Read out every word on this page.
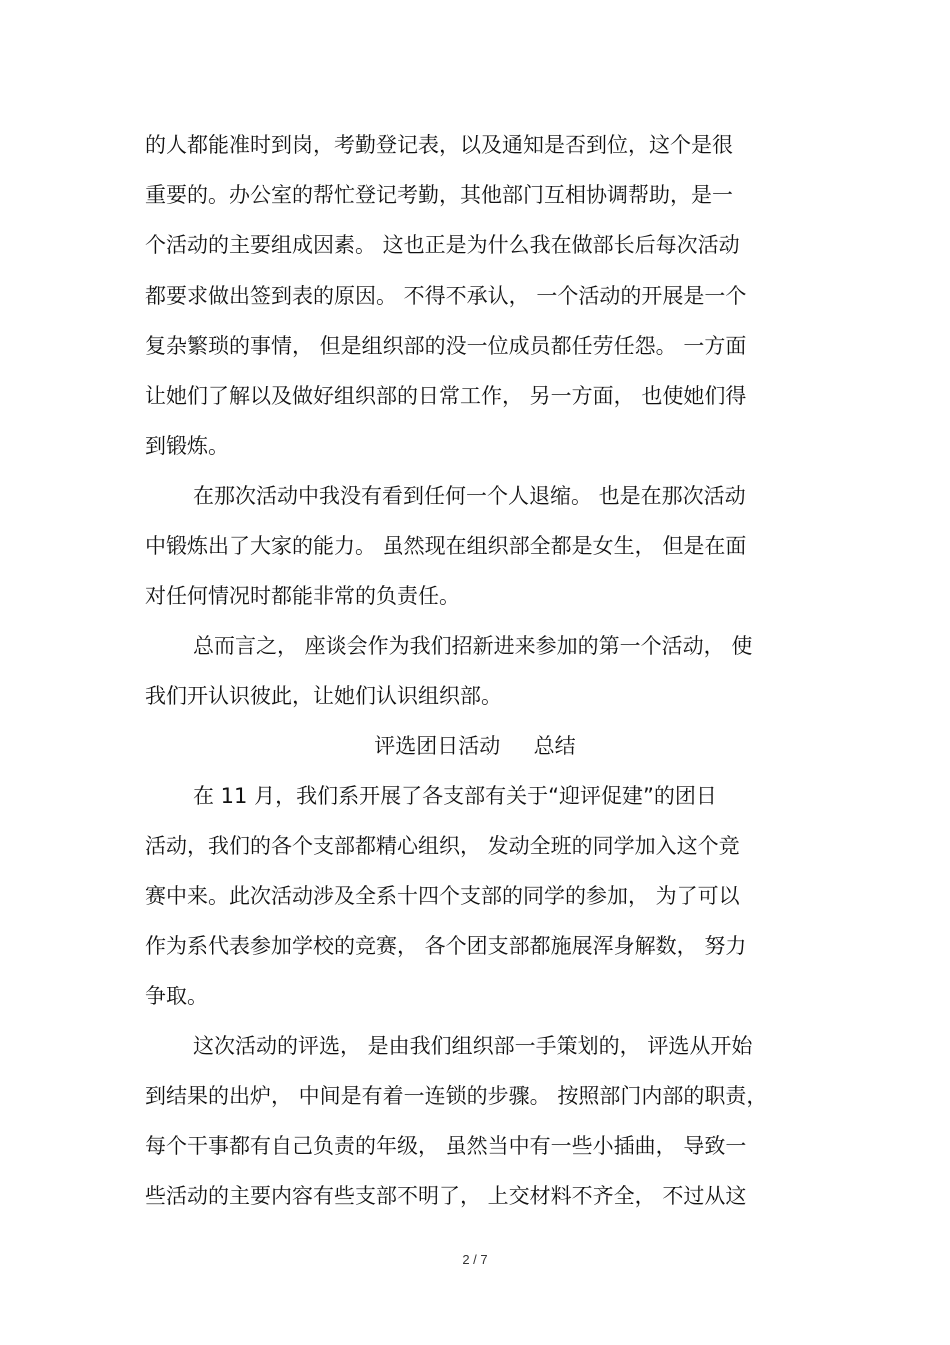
的人都能准时到岗，考勤登记表，以及通知是否到位，这个是很
重要的。办公室的帮忙登记考勤，其他部门互相协调帮助，是一
个活动的主要组成因素。 这也正是为什么我在做部长后每次活动
都要求做出签到表的原因。 不得不承认， 一个活动的开展是一个
复杂繁琐的事情， 但是组织部的没一位成员都任劳任怨。 一方面
让她们了解以及做好组织部的日常工作， 另一方面， 也使她们得
到锻炼。
在那次活动中我没有看到任何一个人退缩。 也是在那次活动
中锻炼出了大家的能力。 虽然现在组织部全都是女生， 但是在面
对任何情况时都能非常的负责任。
总而言之， 座谈会作为我们招新进来参加的第一个活动， 使
我们开认识彼此，让她们认识组织部。
评选团日活动     总结
在 11 月，我们系开展了各支部有关于“迎评促建”的团日
活动，我们的各个支部都精心组织， 发动全班的同学加入这个竞
赛中来。此次活动涉及全系十四个支部的同学的参加， 为了可以
作为系代表参加学校的竞赛， 各个团支部都施展浑身解数， 努力
争取。
这次活动的评选， 是由我们组织部一手策划的， 评选从开始
到结果的出炉， 中间是有着一连锁的步骤。 按照部门内部的职责，
每个干事都有自己负责的年级， 虽然当中有一些小插曲， 导致一
些活动的主要内容有些支部不明了， 上交材料不齐全， 不过从这
2 / 7
